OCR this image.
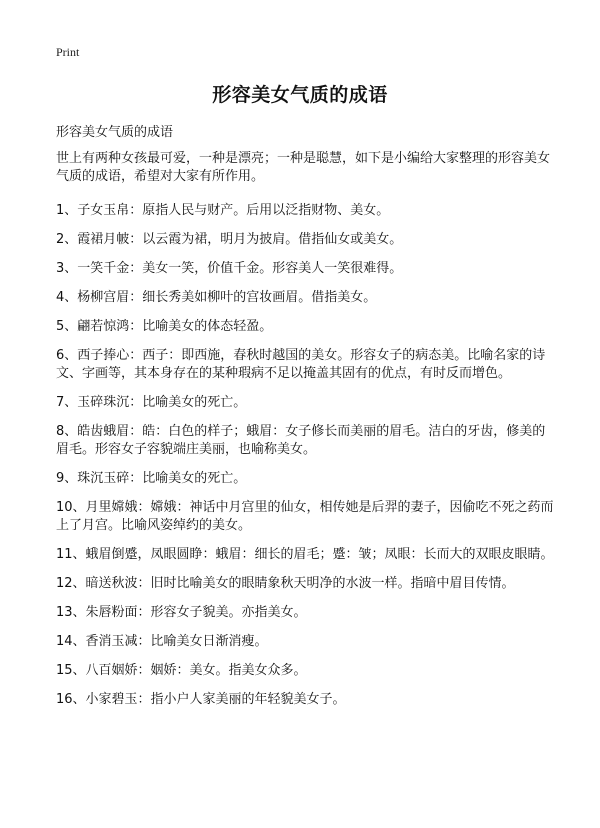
Print
形容美女气质的成语
形容美女气质的成语
世上有两种女孩最可爱，一种是漂亮；一种是聪慧，如下是小编给大家整理的形容美女气质的成语，希望对大家有所作用。
1、子女玉帛：原指人民与财产。后用以泛指财物、美女。
2、霞裙月帔：以云霞为裙，明月为披肩。借指仙女或美女。
3、一笑千金：美女一笑，价值千金。形容美人一笑很难得。
4、杨柳宫眉：细长秀美如柳叶的宫妆画眉。借指美女。
5、翩若惊鸿：比喻美女的体态轻盈。
6、西子捧心：西子：即西施，春秋时越国的美女。形容女子的病态美。比喻名家的诗文、字画等，其本身存在的某种瑕病不足以掩盖其固有的优点，有时反而增色。
7、玉碎珠沉：比喻美女的死亡。
8、皓齿蛾眉：皓：白色的样子；蛾眉：女子修长而美丽的眉毛。洁白的牙齿，修美的眉毛。形容女子容貌端庄美丽，也喻称美女。
9、珠沉玉碎：比喻美女的死亡。
10、月里嫦娥：嫦娥：神话中月宫里的仙女，相传她是后羿的妻子，因偷吃不死之药而上了月宫。比喻风姿绰约的美女。
11、蛾眉倒蹙，凤眼圆睁：蛾眉：细长的眉毛；蹙：皱；凤眼：长而大的双眼皮眼睛。
12、暗送秋波：旧时比喻美女的眼睛象秋天明净的水波一样。指暗中眉目传情。
13、朱唇粉面：形容女子貌美。亦指美女。
14、香消玉减：比喻美女日渐消瘦。
15、八百姻娇：姻娇：美女。指美女众多。
16、小家碧玉：指小户人家美丽的年轻貌美女子。
